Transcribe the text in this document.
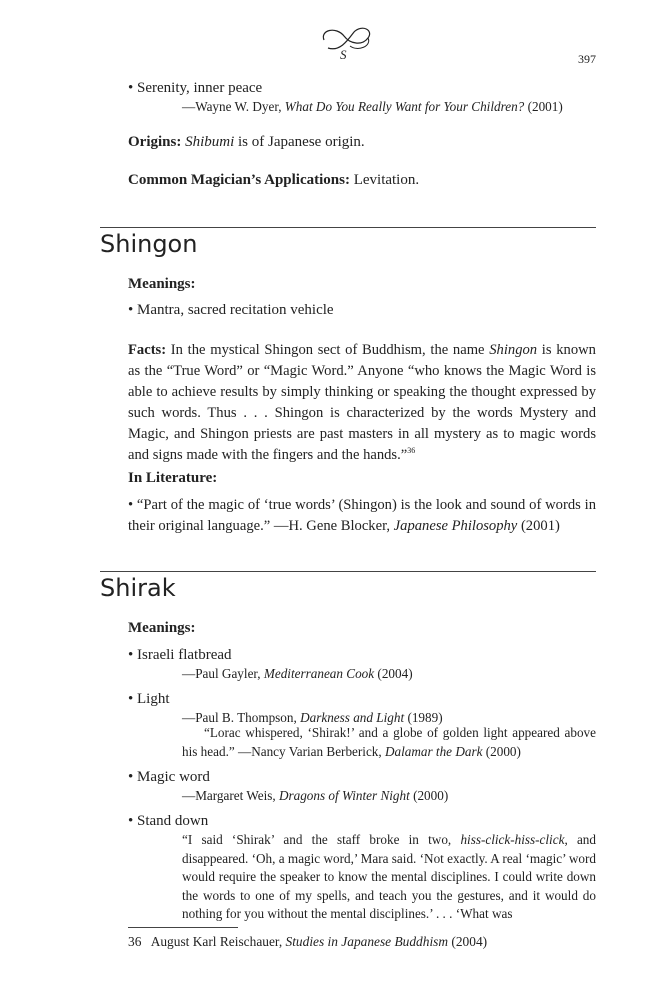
S	397
• Serenity, inner peace
—Wayne W. Dyer, What Do You Really Want for Your Children? (2001)
Origins: Shibumi is of Japanese origin.
Common Magician’s Applications: Levitation.
Shingon
Meanings:
• Mantra, sacred recitation vehicle
Facts: In the mystical Shingon sect of Buddhism, the name Shingon is known as the “True Word” or “Magic Word.” Anyone “who knows the Magic Word is able to achieve results by simply thinking or speaking the thought expressed by such words. Thus . . . Shingon is characterized by the words Mystery and Magic, and Shingon priests are past masters in all mystery as to magic words and signs made with the fingers and the hands.”$^{36}$
In Literature:
• “Part of the magic of ‘true words’ (Shingon) is the look and sound of words in their original language.” —H. Gene Blocker, Japanese Philosophy (2001)
Shirak
Meanings:
• Israeli flatbread
—Paul Gayler, Mediterranean Cook (2004)
• Light
—Paul B. Thompson, Darkness and Light (1989)
“Lorac whispered, ‘Shirak!’ and a globe of golden light appeared above his head.” —Nancy Varian Berberick, Dalamar the Dark (2000)
• Magic word
—Margaret Weis, Dragons of Winter Night (2000)
• Stand down
“I said ‘Shirak’ and the staff broke in two, hiss-click-hiss-click, and disappeared. ‘Oh, a magic word,’ Mara said. ‘Not exactly. A real ‘magic’ word would require the speaker to know the mental disciplines. I could write down the words to one of my spells, and teach you the gestures, and it would do nothing for you without the mental disciplines.’ . . . ‘What was
36   August Karl Reischauer, Studies in Japanese Buddhism (2004)
